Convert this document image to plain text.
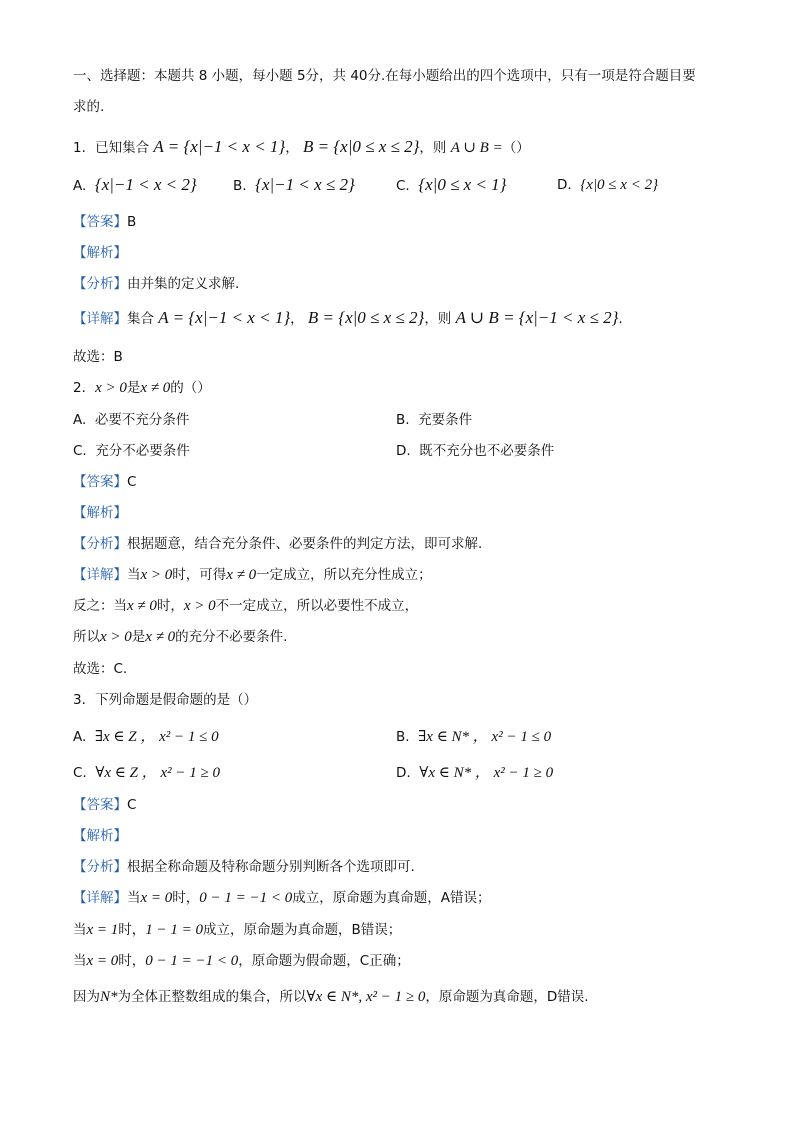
一、选择题：本题共 8 小题，每小题 5分，共 40分.在每小题给出的四个选项中，只有一项是符合题目要
求的.
1．已知集合 A = {x|−1 < x < 1}， B = {x|0 ≤ x ≤ 2}，则 A ∪ B =（）
A. {x|−1 < x < 2}	B. {x|−1 < x ≤ 2}	C. {x|0 ≤ x < 1}	D. {x|0 ≤ x < 2}
【答案】B
【解析】
【分析】由并集的定义求解.
【详解】集合 A = {x|−1 < x < 1}， B = {x|0 ≤ x ≤ 2}，则 A ∪ B = {x|−1 < x ≤ 2}.
故选：B
2．x > 0是x ≠ 0的（）
A. 必要不充分条件	B. 充要条件
C. 充分不必要条件	D. 既不充分也不必要条件
【答案】C
【解析】
【分析】根据题意，结合充分条件、必要条件的判定方法，即可求解.
【详解】当x > 0时，可得x ≠ 0一定成立，所以充分性成立；
反之：当x ≠ 0时，x > 0不一定成立，所以必要性不成立，
所以x > 0是x ≠ 0的充分不必要条件.
故选：C.
3．下列命题是假命题的是（）
A. ∃x ∈ Z ， x² − 1 ≤ 0	B. ∃x ∈ N* ， x² − 1 ≤ 0
C. ∀x ∈ Z ， x² − 1 ≥ 0	D. ∀x ∈ N* ， x² − 1 ≥ 0
【答案】C
【解析】
【分析】根据全称命题及特称命题分别判断各个选项即可.
【详解】当x = 0时，0 − 1 = −1 < 0成立，原命题为真命题，A错误；
当x = 1时，1 − 1 = 0成立，原命题为真命题，B错误；
当x = 0时，0 − 1 = −1 < 0，原命题为假命题，C正确；
因为N*为全体正整数组成的集合，所以∀x ∈ N*, x² − 1 ≥ 0，原命题为真命题，D错误.
